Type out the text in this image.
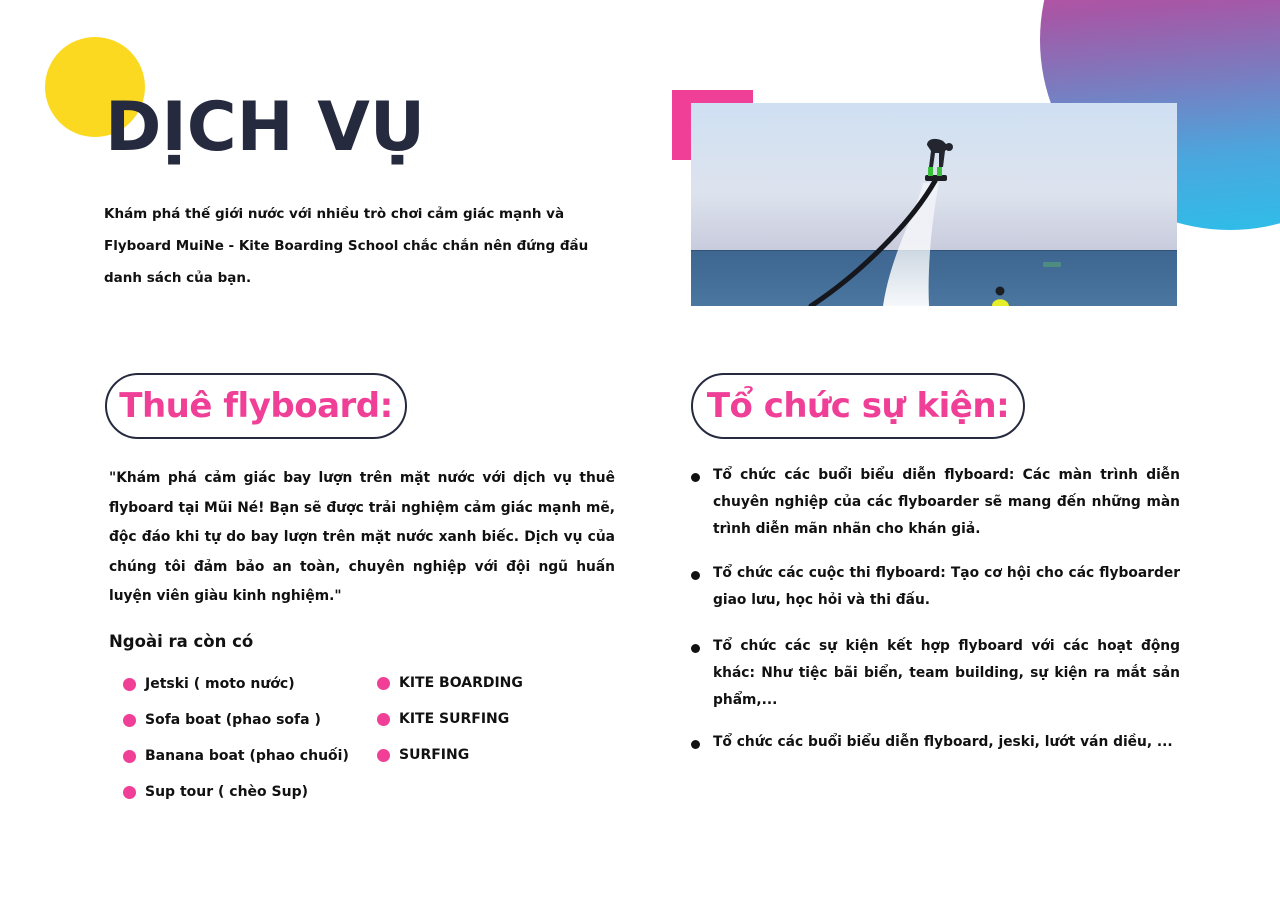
DỊCH VỤ

Khám phá thế giới nước với nhiều trò chơi cảm giác mạnh và Flyboard MuiNe - Kite Boarding School chắc chắn nên đứng đầu danh sách của bạn.

Thuê flyboard:

"Khám phá cảm giác bay lượn trên mặt nước với dịch vụ thuê flyboard tại Mũi Né! Bạn sẽ được trải nghiệm cảm giác mạnh mẽ, độc đáo khi tự do bay lượn trên mặt nước xanh biếc. Dịch vụ của chúng tôi đảm bảo an toàn, chuyên nghiệp với đội ngũ huấn luyện viên giàu kinh nghiệm."

Ngoài ra còn có
Jetski ( moto nước)
Sofa boat (phao sofa )
Banana boat (phao chuối)
Sup tour ( chèo Sup)
KITE BOARDING
KITE SURFING
SURFING
Tổ chức sự kiện:
Tổ chức các buổi biểu diễn flyboard: Các màn trình diễn chuyên nghiệp của các flyboarder sẽ mang đến những màn trình diễn mãn nhãn cho khán giả.
Tổ chức các cuộc thi flyboard: Tạo cơ hội cho các flyboarder giao lưu, học hỏi và thi đấu.
Tổ chức các sự kiện kết hợp flyboard với các hoạt động khác: Như tiệc bãi biển, team building, sự kiện ra mắt sản phẩm,...
Tổ chức các buổi biểu diễn flyboard, jeski, lướt ván diều, ...
